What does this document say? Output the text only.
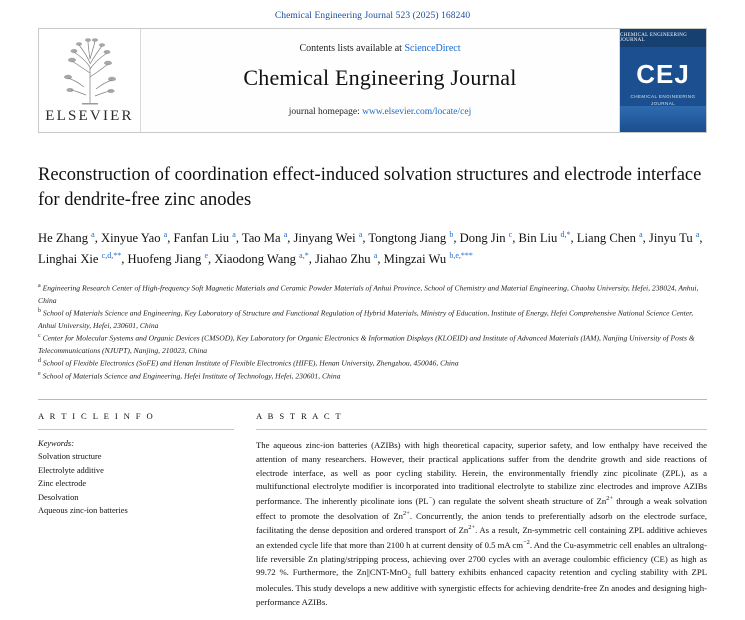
Chemical Engineering Journal 523 (2025) 168240
ELSEVIER
Contents lists available at ScienceDirect
Chemical Engineering Journal
journal homepage: www.elsevier.com/locate/cej
CHEMICAL ENGINEERING JOURNAL
CEJ
CHEMICAL ENGINEERING JOURNAL
Reconstruction of coordination effect-induced solvation structures and electrode interface for dendrite-free zinc anodes
He Zhang $^a$, Xinyue Yao $^a$, Fanfan Liu $^a$, Tao Ma $^a$, Jinyang Wei $^a$, Tongtong Jiang $^b$, Dong Jin $^c$, Bin Liu $^{d,*}$, Liang Chen $^a$, Jinyu Tu $^a$, Linghai Xie $^{c,d,**}$, Huofeng Jiang $^e$, Xiaodong Wang $^{a,*}$, Jiahao Zhu $^a$, Mingzai Wu $^{b,e,***}$
$^a$ Engineering Research Center of High-frequency Soft Magnetic Materials and Ceramic Powder Materials of Anhui Province, School of Chemistry and Material Engineering, Chaohu University, Hefei, 238024, Anhui, China
$^b$ School of Materials Science and Engineering, Key Laboratory of Structure and Functional Regulation of Hybrid Materials, Ministry of Education, Institute of Energy, Hefei Comprehensive National Science Center, Anhui University, Hefei, 230601, China
$^c$ Center for Molecular Systems and Organic Devices (CMSOD), Key Laboratory for Organic Electronics & Information Displays (KLOEID) and Institute of Advanced Materials (IAM), Nanjing University of Posts & Telecommunications (NJUPT), Nanjing, 210023, China
$^d$ School of Flexible Electronics (SoFE) and Henan Institute of Flexible Electronics (HIFE), Henan University, Zhengzhou, 450046, China
$^e$ School of Materials Science and Engineering, Hefei Institute of Technology, Hefei, 230601, China
A R T I C L E I N F O
Keywords:
Solvation structure
Electrolyte additive
Zinc electrode
Desolvation
Aqueous zinc-ion batteries
A B S T R A C T
The aqueous zinc-ion batteries (AZIBs) with high theoretical capacity, superior safety, and low enthalpy have received the attention of many researchers. However, their practical applications suffer from the dendrite growth and side reactions of electrode interface, as well as poor cycling stability. Herein, the environmentally friendly zinc picolinate (ZPL), as a multifunctional electrolyte modifier is incorporated into traditional electrolyte to stabilize zinc electrodes and improve AZIBs performance. The inherently picolinate ions (PL−) can regulate the solvent sheath structure of $Zn^{2+}$ through a weak solvation effect to promote the desolvation of $Zn^{2+}$. Concurrently, the anion tends to preferentially adsorb on the electrode surface, facilitating the dense deposition and ordered transport of $Zn^{2+}$. As a result, Zn-symmetric cell containing ZPL additive achieves an extended cycle life that more than 2100 h at current density of 0.5 mA $cm^{-2}$. And the Cu-asymmetric cell enables an ultralong-life reversible Zn plating/stripping process, achieving over 2700 cycles with an average coulombic efficiency (CE) as high as 99.72 %. Furthermore, the Zn||CNT-MnO$_2$ full battery exhibits enhanced capacity retention and cycling stability with ZPL molecules. This study develops a new additive with synergistic effects for achieving dendrite-free Zn anodes and designing high-performance AZIBs.
